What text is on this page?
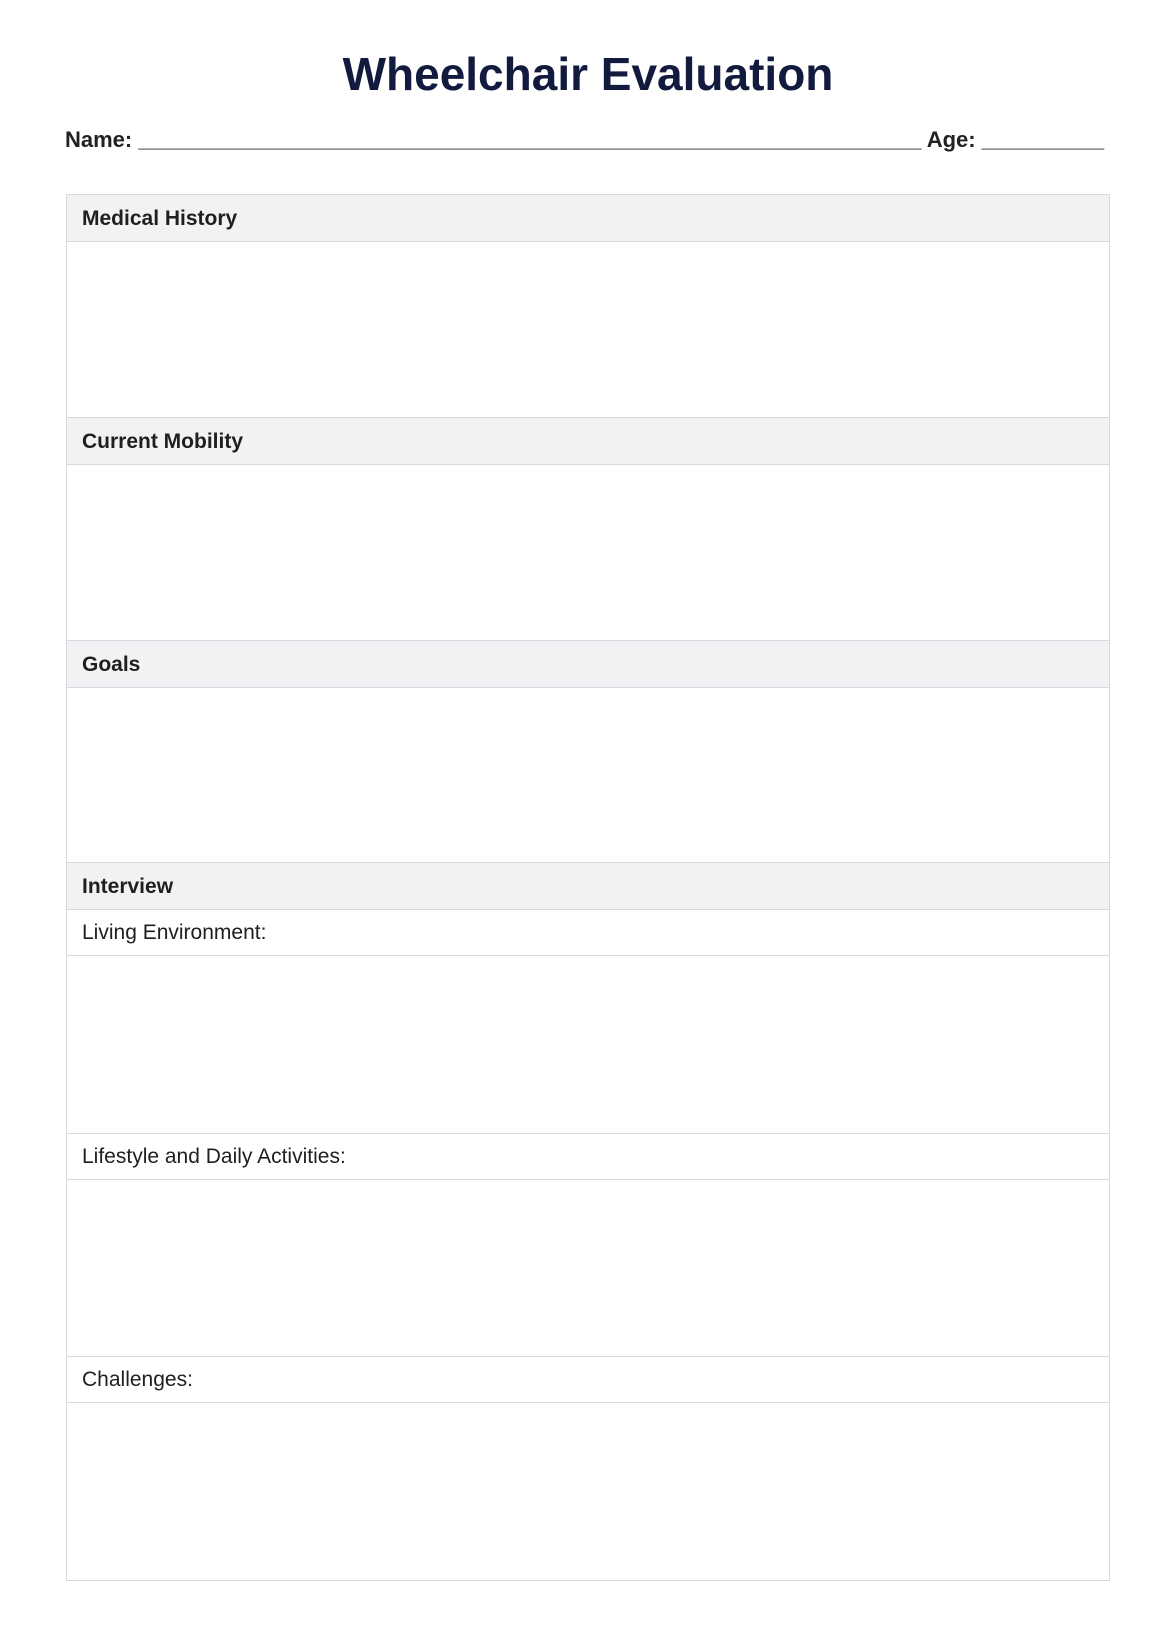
Wheelchair Evaluation
Name: ________________________________________________________________ Age: __________
Medical History
Current Mobility
Goals
Interview
Living Environment:
Lifestyle and Daily Activities:
Challenges:
